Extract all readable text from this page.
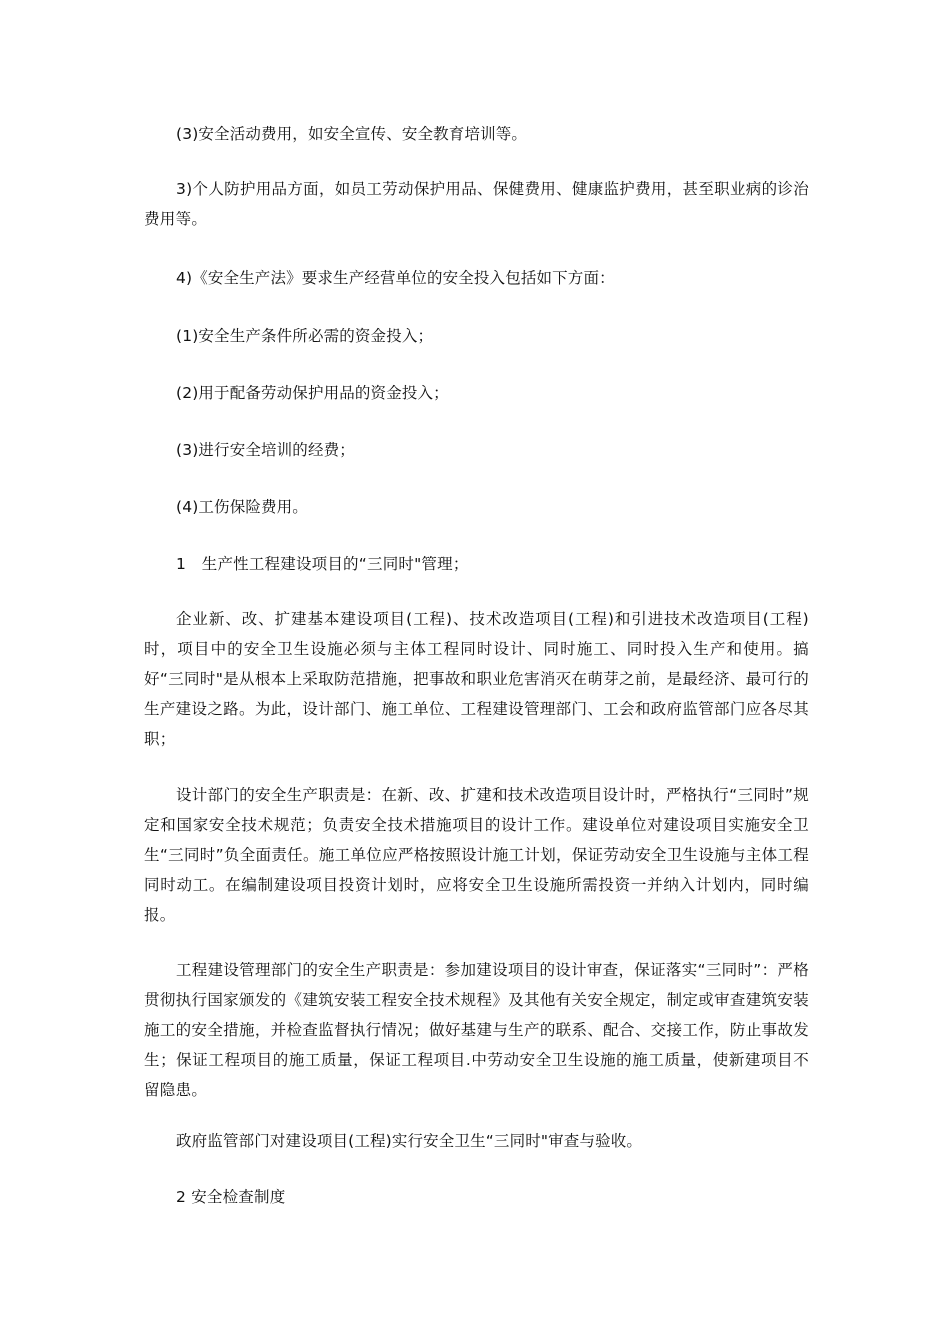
(3)安全活动费用，如安全宣传、安全教育培训等。
3)个人防护用品方面，如员工劳动保护用品、保健费用、健康监护费用，甚至职业病的诊治费用等。
4)《安全生产法》要求生产经营单位的安全投入包括如下方面：
(1)安全生产条件所必需的资金投入；
(2)用于配备劳动保护用品的资金投入；
(3)进行安全培训的经费；
(4)工伤保险费用。
1　生产性工程建设项目的“三同时"管理；
企业新、改、扩建基本建设项目(工程)、技术改造项目(工程)和引进技术改造项目(工程)时，项目中的安全卫生设施必须与主体工程同时设计、同时施工、同时投入生产和使用。搞好“三同时"是从根本上采取防范措施，把事故和职业危害消灭在萌芽之前，是最经济、最可行的生产建设之路。为此，设计部门、施工单位、工程建设管理部门、工会和政府监管部门应各尽其职；
设计部门的安全生产职责是：在新、改、扩建和技术改造项目设计时，严格执行“三同时”规定和国家安全技术规范；负责安全技术措施项目的设计工作。建设单位对建设项目实施安全卫生“三同时”负全面责任。施工单位应严格按照设计施工计划，保证劳动安全卫生设施与主体工程同时动工。在编制建设项目投资计划时，应将安全卫生设施所需投资一并纳入计划内，同时编报。
工程建设管理部门的安全生产职责是：参加建设项目的设计审查，保证落实“三同时”：严格贯彻执行国家颁发的《建筑安装工程安全技术规程》及其他有关安全规定，制定或审查建筑安装施工的安全措施，并检查监督执行情况；做好基建与生产的联系、配合、交接工作，防止事故发生；保证工程项目的施工质量，保证工程项目.中劳动安全卫生设施的施工质量，使新建项目不留隐患。
政府监管部门对建设项目(工程)实行安全卫生“三同时"审查与验收。
2 安全检查制度
